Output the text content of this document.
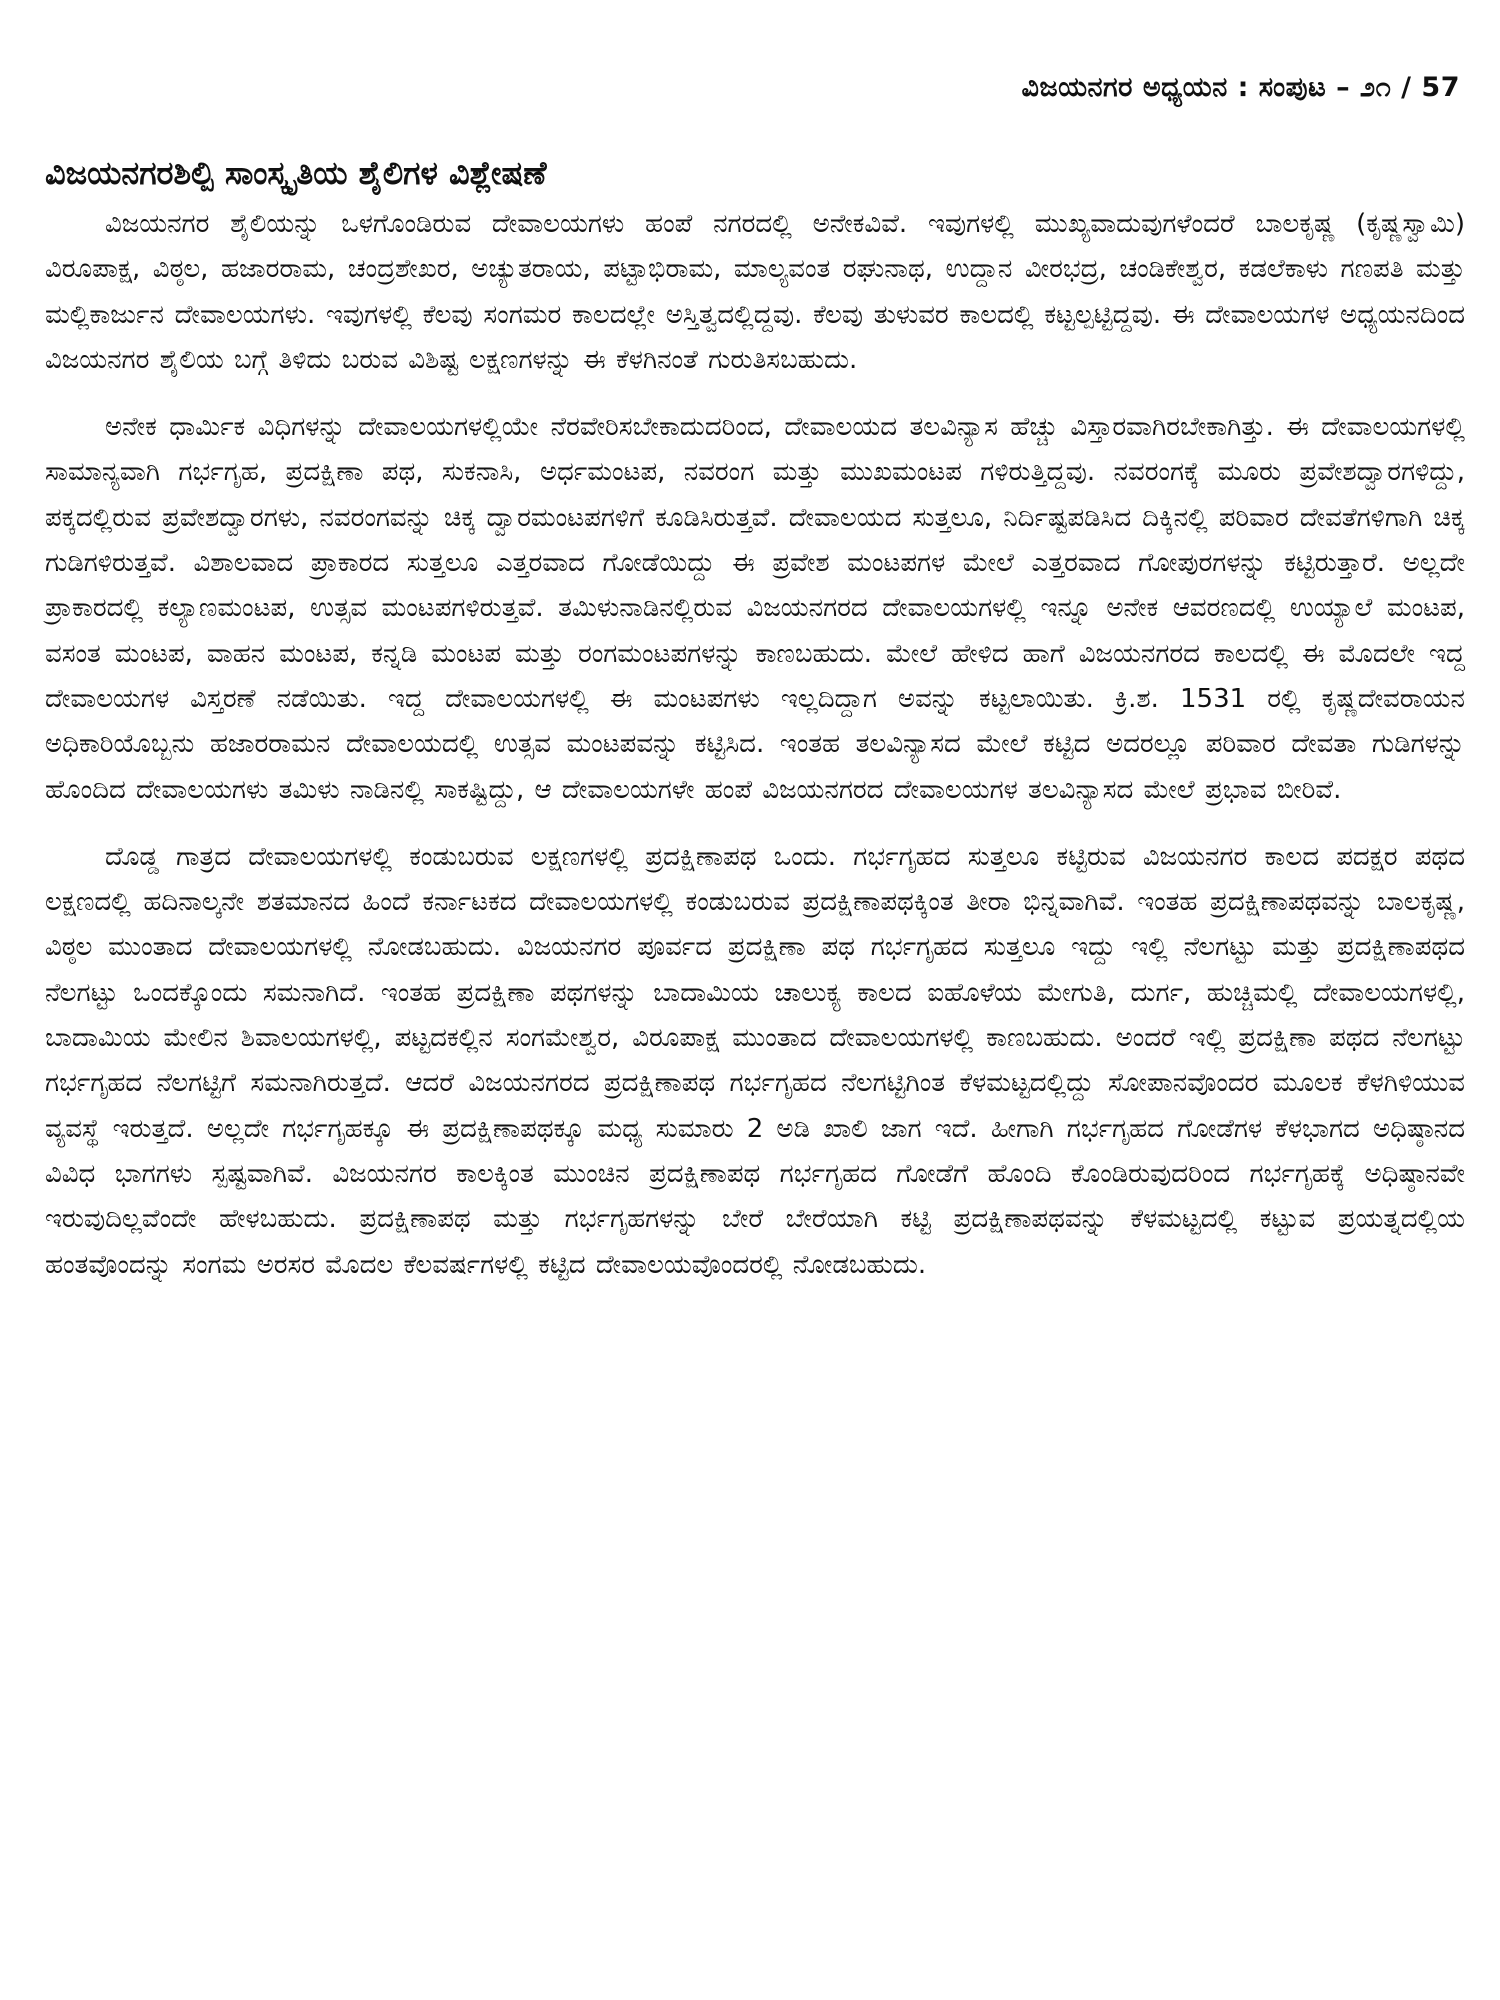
ವಿಜಯನಗರ ಅಧ್ಯಯನ : ಸಂಪುಟ – ೨೧ / 57
ವಿಜಯನಗರಶಿಲ್ಪಿ ಸಾಂಸ್ಕೃತಿಯ ಶೈಲಿಗಳ ವಿಶ್ಲೇಷಣೆ

ವಿಜಯನಗರ ಶೈಲಿಯನ್ನು ಒಳಗೊಂಡಿರುವ ದೇವಾಲಯಗಳು ಹಂಪೆ ನಗರದಲ್ಲಿ ಅನೇಕವಿವೆ. ಇವುಗಳಲ್ಲಿ ಮುಖ್ಯವಾದುವುಗಳೆಂದರೆ ಬಾಲಕೃಷ್ಣ (ಕೃಷ್ಣಸ್ವಾಮಿ) ವಿರೂಪಾಕ್ಷ, ವಿಠ್ಠಲ, ಹಜಾರರಾಮ, ಚಂದ್ರಶೇಖರ, ಅಚ್ಯುತರಾಯ, ಪಟ್ಟಾಭಿರಾಮ, ಮಾಲ್ಯವಂತ ರಘುನಾಥ, ಉದ್ದಾನ ವೀರಭದ್ರ, ಚಂಡಿಕೇಶ್ವರ, ಕಡಲೆಕಾಳು ಗಣಪತಿ ಮತ್ತು ಮಲ್ಲಿಕಾರ್ಜುನ ದೇವಾಲಯಗಳು. ಇವುಗಳಲ್ಲಿ ಕೆಲವು ಸಂಗಮರ ಕಾಲದಲ್ಲೇ ಅಸ್ತಿತ್ವದಲ್ಲಿದ್ದವು. ಕೆಲವು ತುಳುವರ ಕಾಲದಲ್ಲಿ ಕಟ್ಟಲ್ಪಟ್ಟಿದ್ದವು. ಈ ದೇವಾಲಯಗಳ ಅಧ್ಯಯನದಿಂದ ವಿಜಯನಗರ ಶೈಲಿಯ ಬಗ್ಗೆ ತಿಳಿದು ಬರುವ ವಿಶಿಷ್ಟ ಲಕ್ಷಣಗಳನ್ನು ಈ ಕೆಳಗಿನಂತೆ ಗುರುತಿಸಬಹುದು.

ಅನೇಕ ಧಾರ್ಮಿಕ ವಿಧಿಗಳನ್ನು ದೇವಾಲಯಗಳಲ್ಲಿಯೇ ನೆರವೇರಿಸಬೇಕಾದುದರಿಂದ, ದೇವಾಲಯದ ತಲವಿನ್ಯಾಸ ಹೆಚ್ಚು ವಿಸ್ತಾರವಾಗಿರಬೇಕಾಗಿತ್ತು. ಈ ದೇವಾಲಯಗಳಲ್ಲಿ ಸಾಮಾನ್ಯವಾಗಿ ಗರ್ಭಗೃಹ, ಪ್ರದಕ್ಷಿಣಾ ಪಥ, ಸುಕನಾಸಿ, ಅರ್ಧಮಂಟಪ, ನವರಂಗ ಮತ್ತು ಮುಖಮಂಟಪ ಗಳಿರುತ್ತಿದ್ದವು. ನವರಂಗಕ್ಕೆ ಮೂರು ಪ್ರವೇಶದ್ವಾರಗಳಿದ್ದು, ಪಕ್ಕದಲ್ಲಿರುವ ಪ್ರವೇಶದ್ವಾರಗಳು, ನವರಂಗವನ್ನು ಚಿಕ್ಕ ದ್ವಾರಮಂಟಪಗಳಿಗೆ ಕೂಡಿಸಿರುತ್ತವೆ. ದೇವಾಲಯದ ಸುತ್ತಲೂ, ನಿರ್ದಿಷ್ಟಪಡಿಸಿದ ದಿಕ್ಕಿನಲ್ಲಿ ಪರಿವಾರ ದೇವತೆಗಳಿಗಾಗಿ ಚಿಕ್ಕ ಗುಡಿಗಳಿರುತ್ತವೆ. ವಿಶಾಲವಾದ ಪ್ರಾಕಾರದ ಸುತ್ತಲೂ ಎತ್ತರವಾದ ಗೋಡೆಯಿದ್ದು ಈ ಪ್ರವೇಶ ಮಂಟಪಗಳ ಮೇಲೆ ಎತ್ತರವಾದ ಗೋಪುರಗಳನ್ನು ಕಟ್ಟಿರುತ್ತಾರೆ. ಅಲ್ಲದೇ ಪ್ರಾಕಾರದಲ್ಲಿ ಕಲ್ಯಾಣಮಂಟಪ, ಉತ್ಸವ ಮಂಟಪಗಳಿರುತ್ತವೆ. ತಮಿಳುನಾಡಿನಲ್ಲಿರುವ ವಿಜಯನಗರದ ದೇವಾಲಯಗಳಲ್ಲಿ ಇನ್ನೂ ಅನೇಕ ಆವರಣದಲ್ಲಿ ಉಯ್ಯಾಲೆ ಮಂಟಪ, ವಸಂತ ಮಂಟಪ, ವಾಹನ ಮಂಟಪ, ಕನ್ನಡಿ ಮಂಟಪ ಮತ್ತು ರಂಗಮಂಟಪಗಳನ್ನು ಕಾಣಬಹುದು. ಮೇಲೆ ಹೇಳಿದ ಹಾಗೆ ವಿಜಯನಗರದ ಕಾಲದಲ್ಲಿ ಈ ಮೊದಲೇ ಇದ್ದ ದೇವಾಲಯಗಳ ವಿಸ್ತರಣೆ ನಡೆಯಿತು. ಇದ್ದ ದೇವಾಲಯಗಳಲ್ಲಿ ಈ ಮಂಟಪಗಳು ಇಲ್ಲದಿದ್ದಾಗ ಅವನ್ನು ಕಟ್ಟಲಾಯಿತು. ಕ್ರಿ.ಶ. 1531 ರಲ್ಲಿ ಕೃಷ್ಣದೇವರಾಯನ ಅಧಿಕಾರಿಯೊಬ್ಬನು ಹಜಾರರಾಮನ ದೇವಾಲಯದಲ್ಲಿ ಉತ್ಸವ ಮಂಟಪವನ್ನು ಕಟ್ಟಿಸಿದ. ಇಂತಹ ತಲವಿನ್ಯಾಸದ ಮೇಲೆ ಕಟ್ಟಿದ ಅದರಲ್ಲೂ ಪರಿವಾರ ದೇವತಾ ಗುಡಿಗಳನ್ನು ಹೊಂದಿದ ದೇವಾಲಯಗಳು ತಮಿಳು ನಾಡಿನಲ್ಲಿ ಸಾಕಷ್ಟಿದ್ದು, ಆ ದೇವಾಲಯಗಳೇ ಹಂಪೆ ವಿಜಯನಗರದ ದೇವಾಲಯಗಳ ತಲವಿನ್ಯಾಸದ ಮೇಲೆ ಪ್ರಭಾವ ಬೀರಿವೆ.

ದೊಡ್ಡ ಗಾತ್ರದ ದೇವಾಲಯಗಳಲ್ಲಿ ಕಂಡುಬರುವ ಲಕ್ಷಣಗಳಲ್ಲಿ ಪ್ರದಕ್ಷಿಣಾಪಥ ಒಂದು. ಗರ್ಭಗೃಹದ ಸುತ್ತಲೂ ಕಟ್ಟಿರುವ ವಿಜಯನಗರ ಕಾಲದ ಪದಕ್ಷರ ಪಥದ ಲಕ್ಷಣದಲ್ಲಿ ಹದಿನಾಲ್ಕನೇ ಶತಮಾನದ ಹಿಂದೆ ಕರ್ನಾಟಕದ ದೇವಾಲಯಗಳಲ್ಲಿ ಕಂಡುಬರುವ ಪ್ರದಕ್ಷಿಣಾಪಥಕ್ಕಿಂತ ತೀರಾ ಭಿನ್ನವಾಗಿವೆ. ಇಂತಹ ಪ್ರದಕ್ಷಿಣಾಪಥವನ್ನು ಬಾಲಕೃಷ್ಣ, ವಿಠ್ಠಲ ಮುಂತಾದ ದೇವಾಲಯಗಳಲ್ಲಿ ನೋಡಬಹುದು. ವಿಜಯನಗರ ಪೂರ್ವದ ಪ್ರದಕ್ಷಿಣಾ ಪಥ ಗರ್ಭಗೃಹದ ಸುತ್ತಲೂ ಇದ್ದು ಇಲ್ಲಿ ನೆಲಗಟ್ಟು ಮತ್ತು ಪ್ರದಕ್ಷಿಣಾಪಥದ ನೆಲಗಟ್ಟು ಒಂದಕ್ಕೊಂದು ಸಮನಾಗಿದೆ. ಇಂತಹ ಪ್ರದಕ್ಷಿಣಾ ಪಥಗಳನ್ನು ಬಾದಾಮಿಯ ಚಾಲುಕ್ಯ ಕಾಲದ ಐಹೊಳೆಯ ಮೇಗುತಿ, ದುರ್ಗ, ಹುಚ್ಚಿಮಲ್ಲಿ ದೇವಾಲಯಗಳಲ್ಲಿ, ಬಾದಾಮಿಯ ಮೇಲಿನ ಶಿವಾಲಯಗಳಲ್ಲಿ, ಪಟ್ಟದಕಲ್ಲಿನ ಸಂಗಮೇಶ್ವರ, ವಿರೂಪಾಕ್ಷ ಮುಂತಾದ ದೇವಾಲಯಗಳಲ್ಲಿ ಕಾಣಬಹುದು. ಅಂದರೆ ಇಲ್ಲಿ ಪ್ರದಕ್ಷಿಣಾ ಪಥದ ನೆಲಗಟ್ಟು ಗರ್ಭಗೃಹದ ನೆಲಗಟ್ಟಿಗೆ ಸಮನಾಗಿರುತ್ತದೆ. ಆದರೆ ವಿಜಯನಗರದ ಪ್ರದಕ್ಷಿಣಾಪಥ ಗರ್ಭಗೃಹದ ನೆಲಗಟ್ಟಿಗಿಂತ ಕೆಳಮಟ್ಟದಲ್ಲಿದ್ದು ಸೋಪಾನವೊಂದರ ಮೂಲಕ ಕೆಳಗಿಳಿಯುವ ವ್ಯವಸ್ಥೆ ಇರುತ್ತದೆ. ಅಲ್ಲದೇ ಗರ್ಭಗೃಹಕ್ಕೂ ಈ ಪ್ರದಕ್ಷಿಣಾಪಥಕ್ಕೂ ಮಧ್ಯ ಸುಮಾರು 2 ಅಡಿ ಖಾಲಿ ಜಾಗ ಇದೆ. ಹೀಗಾಗಿ ಗರ್ಭಗೃಹದ ಗೋಡೆಗಳ ಕೆಳಭಾಗದ ಅಧಿಷ್ಠಾನದ ವಿವಿಧ ಭಾಗಗಳು ಸ್ಪಷ್ಟವಾಗಿವೆ. ವಿಜಯನಗರ ಕಾಲಕ್ಕಿಂತ ಮುಂಚಿನ ಪ್ರದಕ್ಷಿಣಾಪಥ ಗರ್ಭಗೃಹದ ಗೋಡೆಗೆ ಹೊಂದಿ ಕೊಂಡಿರುವುದರಿಂದ ಗರ್ಭಗೃಹಕ್ಕೆ ಅಧಿಷ್ಠಾನವೇ ಇರುವುದಿಲ್ಲವೆಂದೇ ಹೇಳಬಹುದು. ಪ್ರದಕ್ಷಿಣಾಪಥ ಮತ್ತು ಗರ್ಭಗೃಹಗಳನ್ನು ಬೇರೆ ಬೇರೆಯಾಗಿ ಕಟ್ಟಿ ಪ್ರದಕ್ಷಿಣಾಪಥವನ್ನು ಕೆಳಮಟ್ಟದಲ್ಲಿ ಕಟ್ಟುವ ಪ್ರಯತ್ನದಲ್ಲಿಯ ಹಂತವೊಂದನ್ನು ಸಂಗಮ ಅರಸರ ಮೊದಲ ಕೆಲವರ್ಷಗಳಲ್ಲಿ ಕಟ್ಟಿದ ದೇವಾಲಯವೊಂದರಲ್ಲಿ ನೋಡಬಹುದು.
